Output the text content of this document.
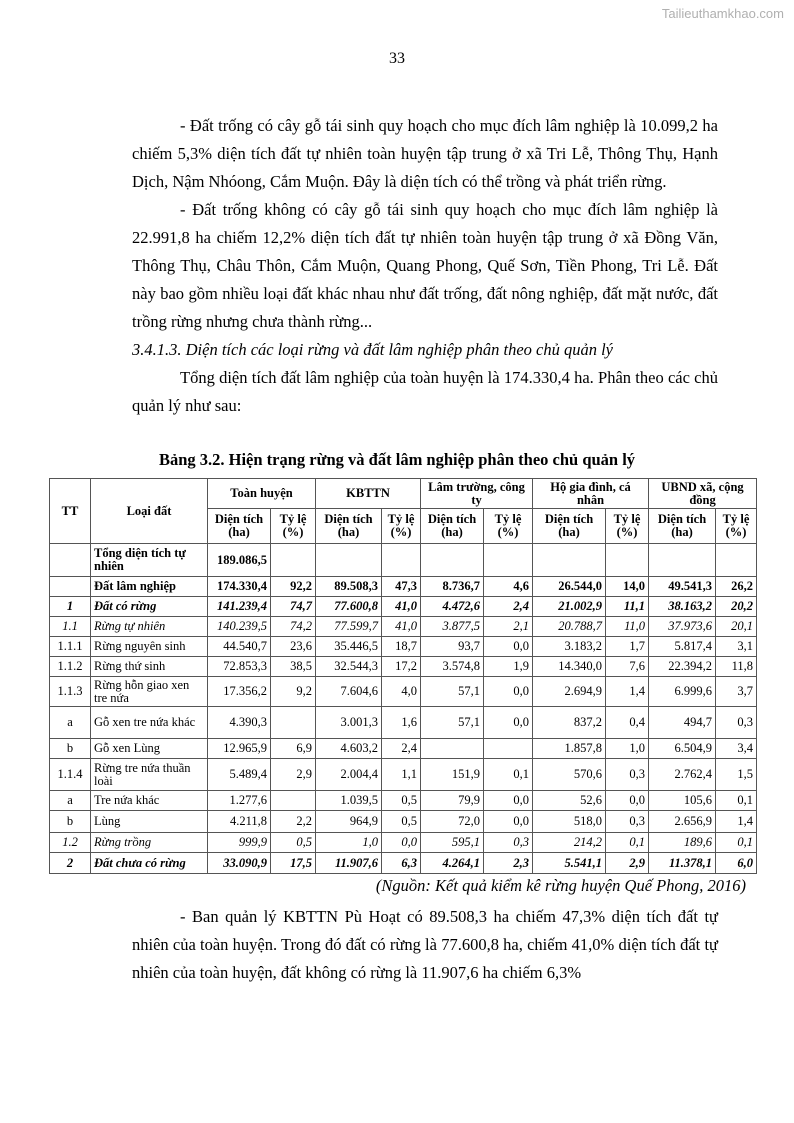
Tailieuthamkhao.com
33

- Đất trống có cây gỗ tái sinh quy hoạch cho mục đích lâm nghiệp là 10.099,2 ha chiếm 5,3% diện tích đất tự nhiên toàn huyện tập trung ở xã Tri Lễ, Thông Thụ, Hạnh Dịch, Nậm Nhóong, Cắm Muộn. Đây là diện tích có thể trồng và phát triển rừng.

- Đất trống không có cây gỗ tái sinh quy hoạch cho mục đích lâm nghiệp là 22.991,8 ha chiếm 12,2% diện tích đất tự nhiên toàn huyện tập trung ở xã Đồng Văn, Thông Thụ, Châu Thôn, Cắm Muộn, Quang Phong, Quế Sơn, Tiền Phong, Tri Lễ. Đất này bao gồm nhiều loại đất khác nhau như đất trống, đất nông nghiệp, đất mặt nước, đất trồng rừng nhưng chưa thành rừng...

3.4.1.3. Diện tích các loại rừng và đất lâm nghiệp phân theo chủ quản lý

Tổng diện tích đất lâm nghiệp của toàn huyện là 174.330,4 ha. Phân theo các chủ quản lý như sau:

Bảng 3.2. Hiện trạng rừng và đất lâm nghiệp phân theo chủ quản lý
TT	Loại đất	Toàn huyện		KBTTN		Lâm trường, công ty		Hộ gia đình, cá nhân		UBND xã, cộng đồng	
		Diện tích (ha)	Tỷ lệ (%)	Diện tích (ha)	Tỷ lệ (%)	Diện tích (ha)	Tỷ lệ (%)	Diện tích (ha)	Tỷ lệ (%)	Diện tích (ha)	Tỷ lệ (%)
	Tổng diện tích tự nhiên	189.086,5									
	Đất lâm nghiệp	174.330,4	92,2	89.508,3	47,3	8.736,7	4,6	26.544,0	14,0	49.541,3	26,2
1	Đất có rừng	141.239,4	74,7	77.600,8	41,0	4.472,6	2,4	21.002,9	11,1	38.163,2	20,2
1.1	Rừng tự nhiên	140.239,5	74,2	77.599,7	41,0	3.877,5	2,1	20.788,7	11,0	37.973,6	20,1
1.1.1	Rừng nguyên sinh	44.540,7	23,6	35.446,5	18,7	93,7	0,0	3.183,2	1,7	5.817,4	3,1
1.1.2	Rừng thứ sinh	72.853,3	38,5	32.544,3	17,2	3.574,8	1,9	14.340,0	7,6	22.394,2	11,8
1.1.3	Rừng hỗn giao xen tre nứa	17.356,2	9,2	7.604,6	4,0	57,1	0,0	2.694,9	1,4	6.999,6	3,7
a	Gỗ xen tre nứa khác	4.390,3		3.001,3	1,6	57,1	0,0	837,2	0,4	494,7	0,3
b	Gỗ xen Lùng	12.965,9	6,9	4.603,2	2,4			1.857,8	1,0	6.504,9	3,4
1.1.4	Rừng tre nứa thuần loài	5.489,4	2,9	2.004,4	1,1	151,9	0,1	570,6	0,3	2.762,4	1,5
a	Tre nứa khác	1.277,6		1.039,5	0,5	79,9	0,0	52,6	0,0	105,6	0,1
b	Lùng	4.211,8	2,2	964,9	0,5	72,0	0,0	518,0	0,3	2.656,9	1,4
1.2	Rừng trồng	999,9	0,5	1,0	0,0	595,1	0,3	214,2	0,1	189,6	0,1
2	Đất chưa có rừng	33.090,9	17,5	11.907,6	6,3	4.264,1	2,3	5.541,1	2,9	11.378,1	6,0
(Nguồn: Kết quả kiểm kê rừng huyện Quế Phong, 2016)

- Ban quản lý KBTTN Pù Hoạt có 89.508,3 ha chiếm 47,3% diện tích đất tự nhiên của toàn huyện. Trong đó đất có rừng là 77.600,8 ha, chiếm 41,0% diện tích đất tự nhiên của toàn huyện, đất không có rừng là 11.907,6 ha chiếm 6,3%
